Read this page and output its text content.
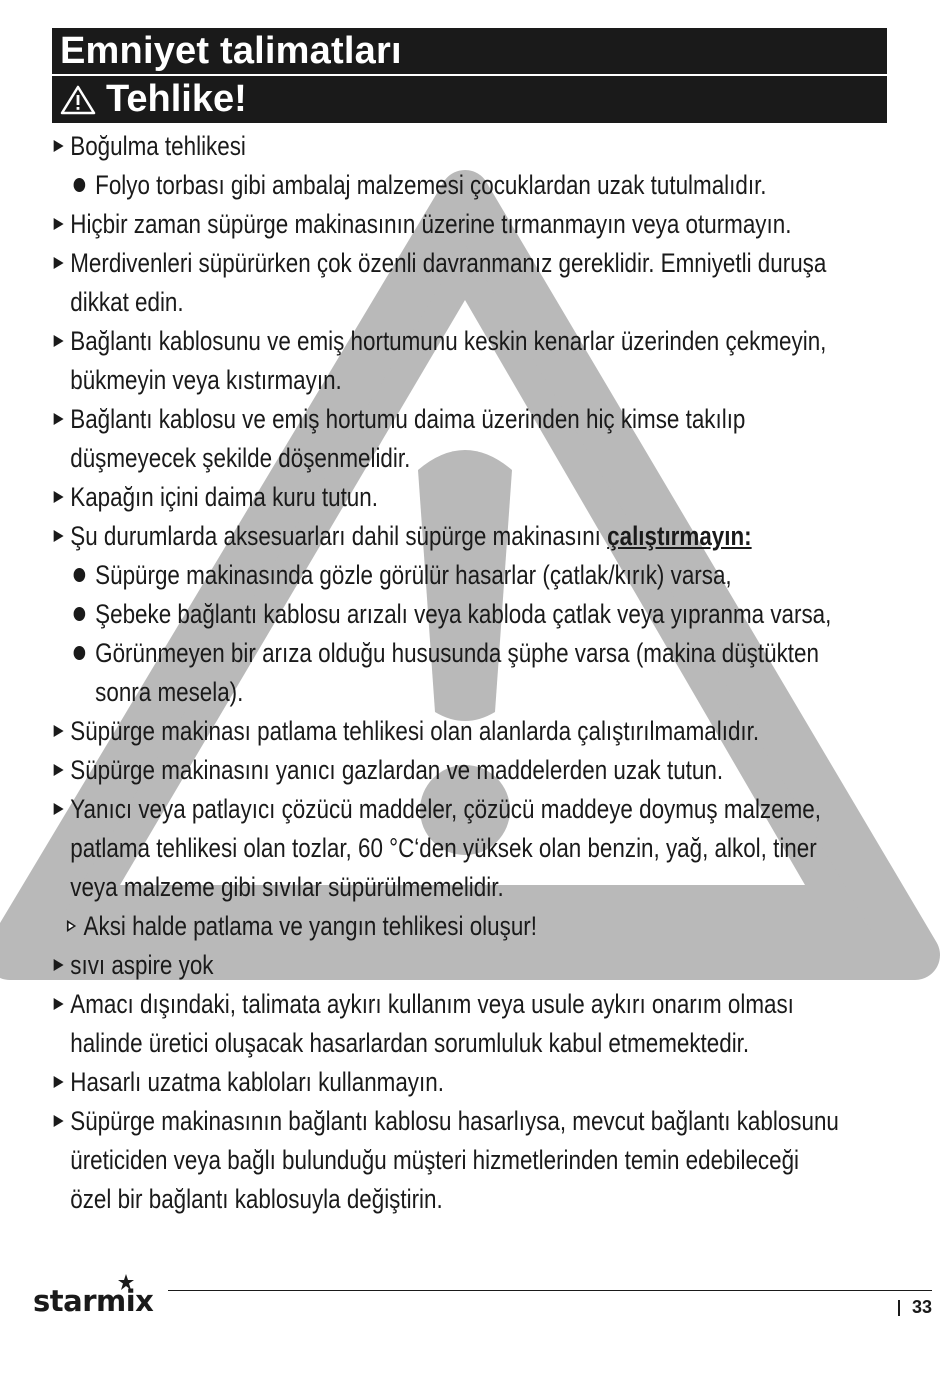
Emniyet talimatları
Tehlike!
Boğulma tehlikesi
Folyo torbası gibi ambalaj malzemesi çocuklardan uzak tutulmalıdır.
Hiçbir zaman süpürge makinasının üzerine tırmanmayın veya oturmayın.
Merdivenleri süpürürken çok özenli davranmanız gereklidir. Emniyetli duruşa
dikkat edin.
Bağlantı kablosunu ve emiş hortumunu keskin kenarlar üzerinden çekmeyin,
bükmeyin veya kıstırmayın.
Bağlantı kablosu ve emiş hortumu daima üzerinden hiç kimse takılıp
düşmeyecek şekilde döşenmelidir.
Kapağın içini daima kuru tutun.
Şu durumlarda aksesuarları dahil süpürge makinasını çalıştırmayın:
Süpürge makinasında gözle görülür hasarlar (çatlak/kırık) varsa,
Şebeke bağlantı kablosu arızalı veya kabloda çatlak veya yıpranma varsa,
Görünmeyen bir arıza olduğu hususunda şüphe varsa (makina düştükten
sonra mesela).
Süpürge makinası patlama tehlikesi olan alanlarda çalıştırılmamalıdır.
Süpürge makinasını yanıcı gazlardan ve maddelerden uzak tutun.
Yanıcı veya patlayıcı çözücü maddeler, çözücü maddeye doymuş malzeme,
patlama tehlikesi olan tozlar, 60 °C‘den yüksek olan benzin, yağ, alkol, tiner
veya malzeme gibi sıvılar süpürülmemelidir.
Aksi halde patlama ve yangın tehlikesi oluşur!
sıvı aspire yok
Amacı dışındaki, talimata aykırı kullanım veya usule aykırı onarım olması
halinde üretici oluşacak hasarlardan sorumluluk kabul etmemektedir.
Hasarlı uzatma kabloları kullanmayın.
Süpürge makinasının bağlantı kablosu hasarlıysa, mevcut bağlantı kablosunu
üreticiden veya bağlı bulunduğu müşteri hizmetlerinden temin edebileceği
özel bir bağlantı kablosuyla değiştirin.
starmix	33
